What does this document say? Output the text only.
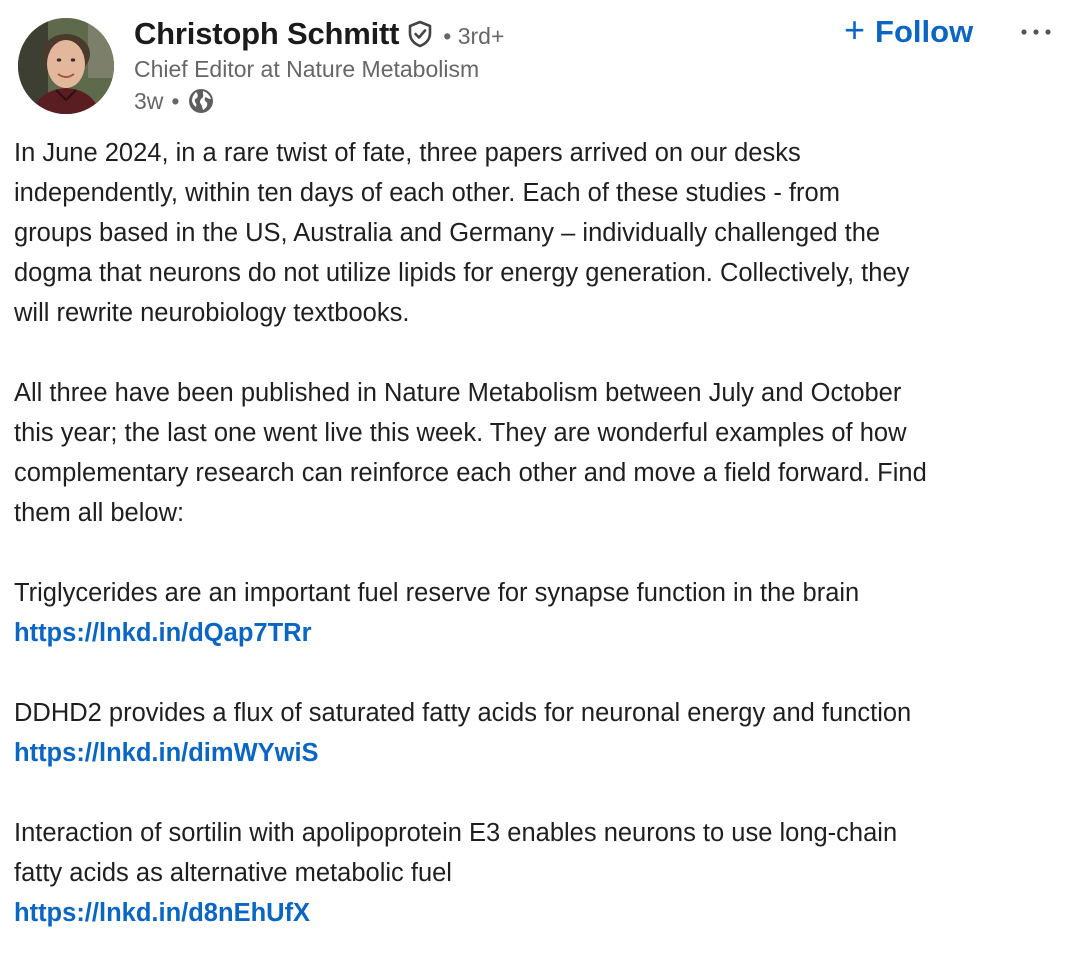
Christoph Schmitt • 3rd+
Chief Editor at Nature Metabolism
3w •
+ Follow

In June 2024, in a rare twist of fate, three papers arrived on our desks
independently, within ten days of each other. Each of these studies - from
groups based in the US, Australia and Germany – individually challenged the
dogma that neurons do not utilize lipids for energy generation. Collectively, they
will rewrite neurobiology textbooks.

All three have been published in Nature Metabolism between July and October
this year; the last one went live this week. They are wonderful examples of how
complementary research can reinforce each other and move a field forward. Find
them all below:

Triglycerides are an important fuel reserve for synapse function in the brain
https://lnkd.in/dQap7TRr

DDHD2 provides a flux of saturated fatty acids for neuronal energy and function
https://lnkd.in/dimWYwiS

Interaction of sortilin with apolipoprotein E3 enables neurons to use long-chain
fatty acids as alternative metabolic fuel
https://lnkd.in/d8nEhUfX
